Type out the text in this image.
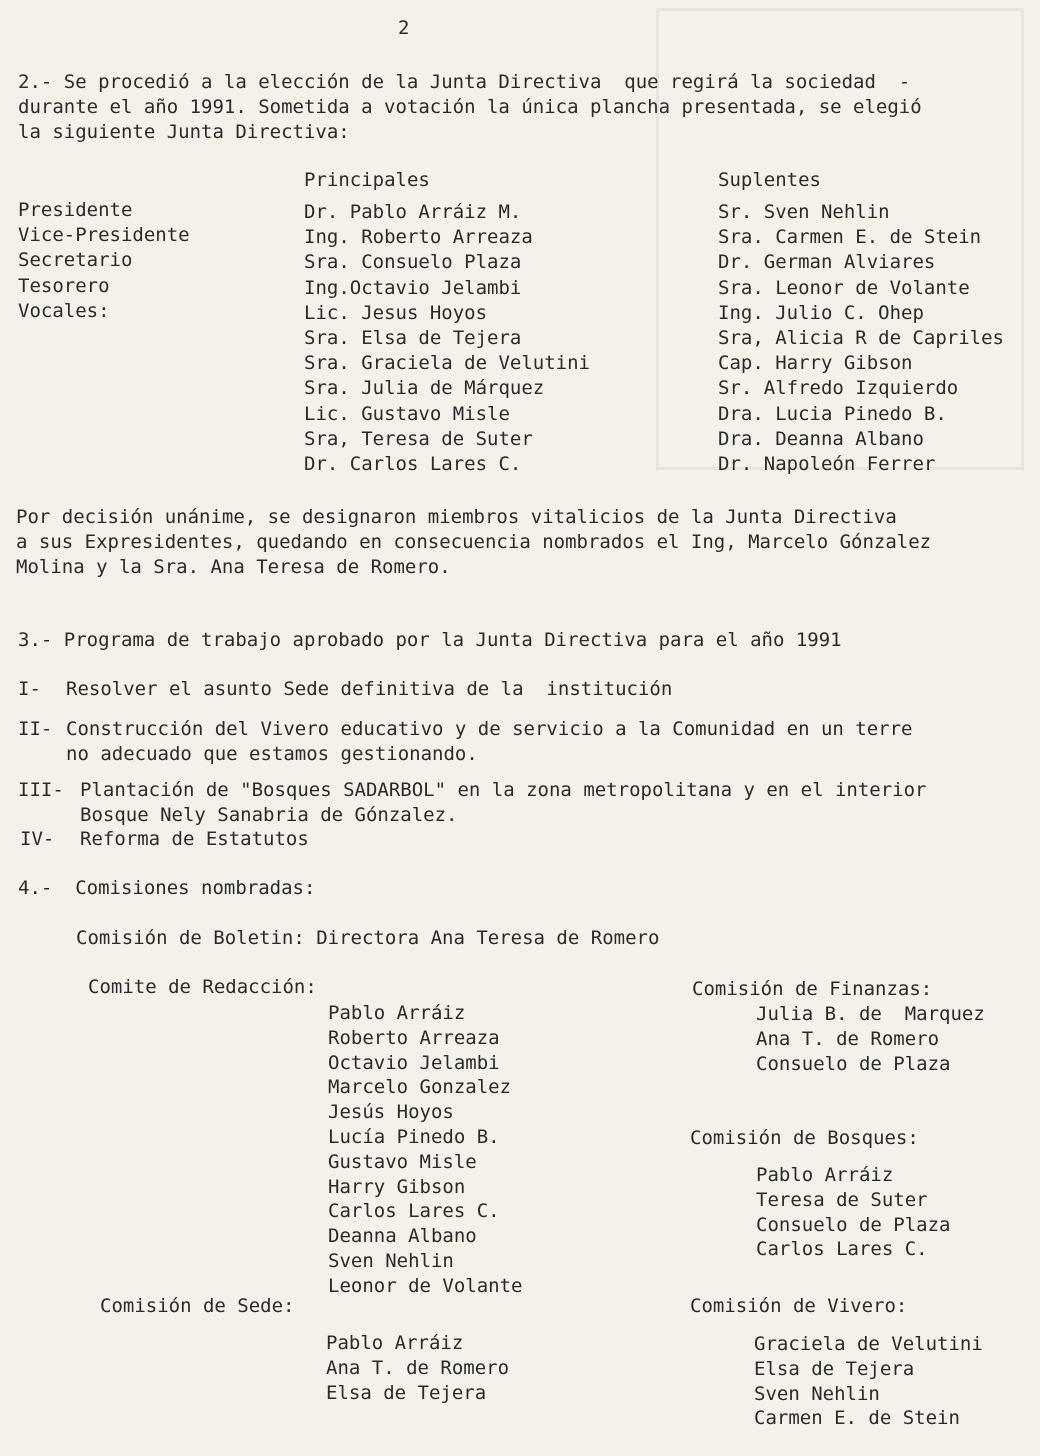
2
2.- Se procedió a la elección de la Junta Directiva  que regirá la sociedad  -
durante el año 1991. Sometida a votación la única plancha presentada, se elegió
la siguiente Junta Directiva:
Principales	Suplentes
Presidente
Vice-Presidente
Secretario
Tesorero
Vocales:
Dr. Pablo Arráiz M.
Ing. Roberto Arreaza
Sra. Consuelo Plaza
Ing.Octavio Jelambi
Lic. Jesus Hoyos
Sra. Elsa de Tejera
Sra. Graciela de Velutini
Sra. Julia de Márquez
Lic. Gustavo Misle
Sra, Teresa de Suter
Dr. Carlos Lares C.
Sr. Sven Nehlin
Sra. Carmen E. de Stein
Dr. German Alviares
Sra. Leonor de Volante
Ing. Julio C. Ohep
Sra, Alicia R de Capriles
Cap. Harry Gibson
Sr. Alfredo Izquierdo
Dra. Lucia Pinedo B.
Dra. Deanna Albano
Dr. Napoleón Ferrer
Por decisión unánime, se designaron miembros vitalicios de la Junta Directiva
a sus Expresidentes, quedando en consecuencia nombrados el Ing, Marcelo Gónzalez
Molina y la Sra. Ana Teresa de Romero.
3.- Programa de trabajo aprobado por la Junta Directiva para el año 1991
I- Resolver el asunto Sede definitiva de la  institución
II- Construcción del Vivero educativo y de servicio a la Comunidad en un terre
no adecuado que estamos gestionando.
III- Plantación de "Bosques SADARBOL" en la zona metropolitana y en el interior
Bosque Nely Sanabria de Gónzalez.
IV- Reforma de Estatutos
4.-  Comisiones nombradas:
Comisión de Boletin: Directora Ana Teresa de Romero
Comite de Redacción:
Pablo Arráiz
Roberto Arreaza
Octavio Jelambi
Marcelo Gonzalez
Jesús Hoyos
Lucía Pinedo B.
Gustavo Misle
Harry Gibson
Carlos Lares C.
Deanna Albano
Sven Nehlin
Leonor de Volante
Comisión de Finanzas:
Julia B. de  Marquez
Ana T. de Romero
Consuelo de Plaza
Comisión de Bosques:
Pablo Arráiz
Teresa de Suter
Consuelo de Plaza
Carlos Lares C.
Comisión de Sede:
Pablo Arráiz
Ana T. de Romero
Elsa de Tejera
Comisión de Vivero:
Graciela de Velutini
Elsa de Tejera
Sven Nehlin
Carmen E. de Stein
